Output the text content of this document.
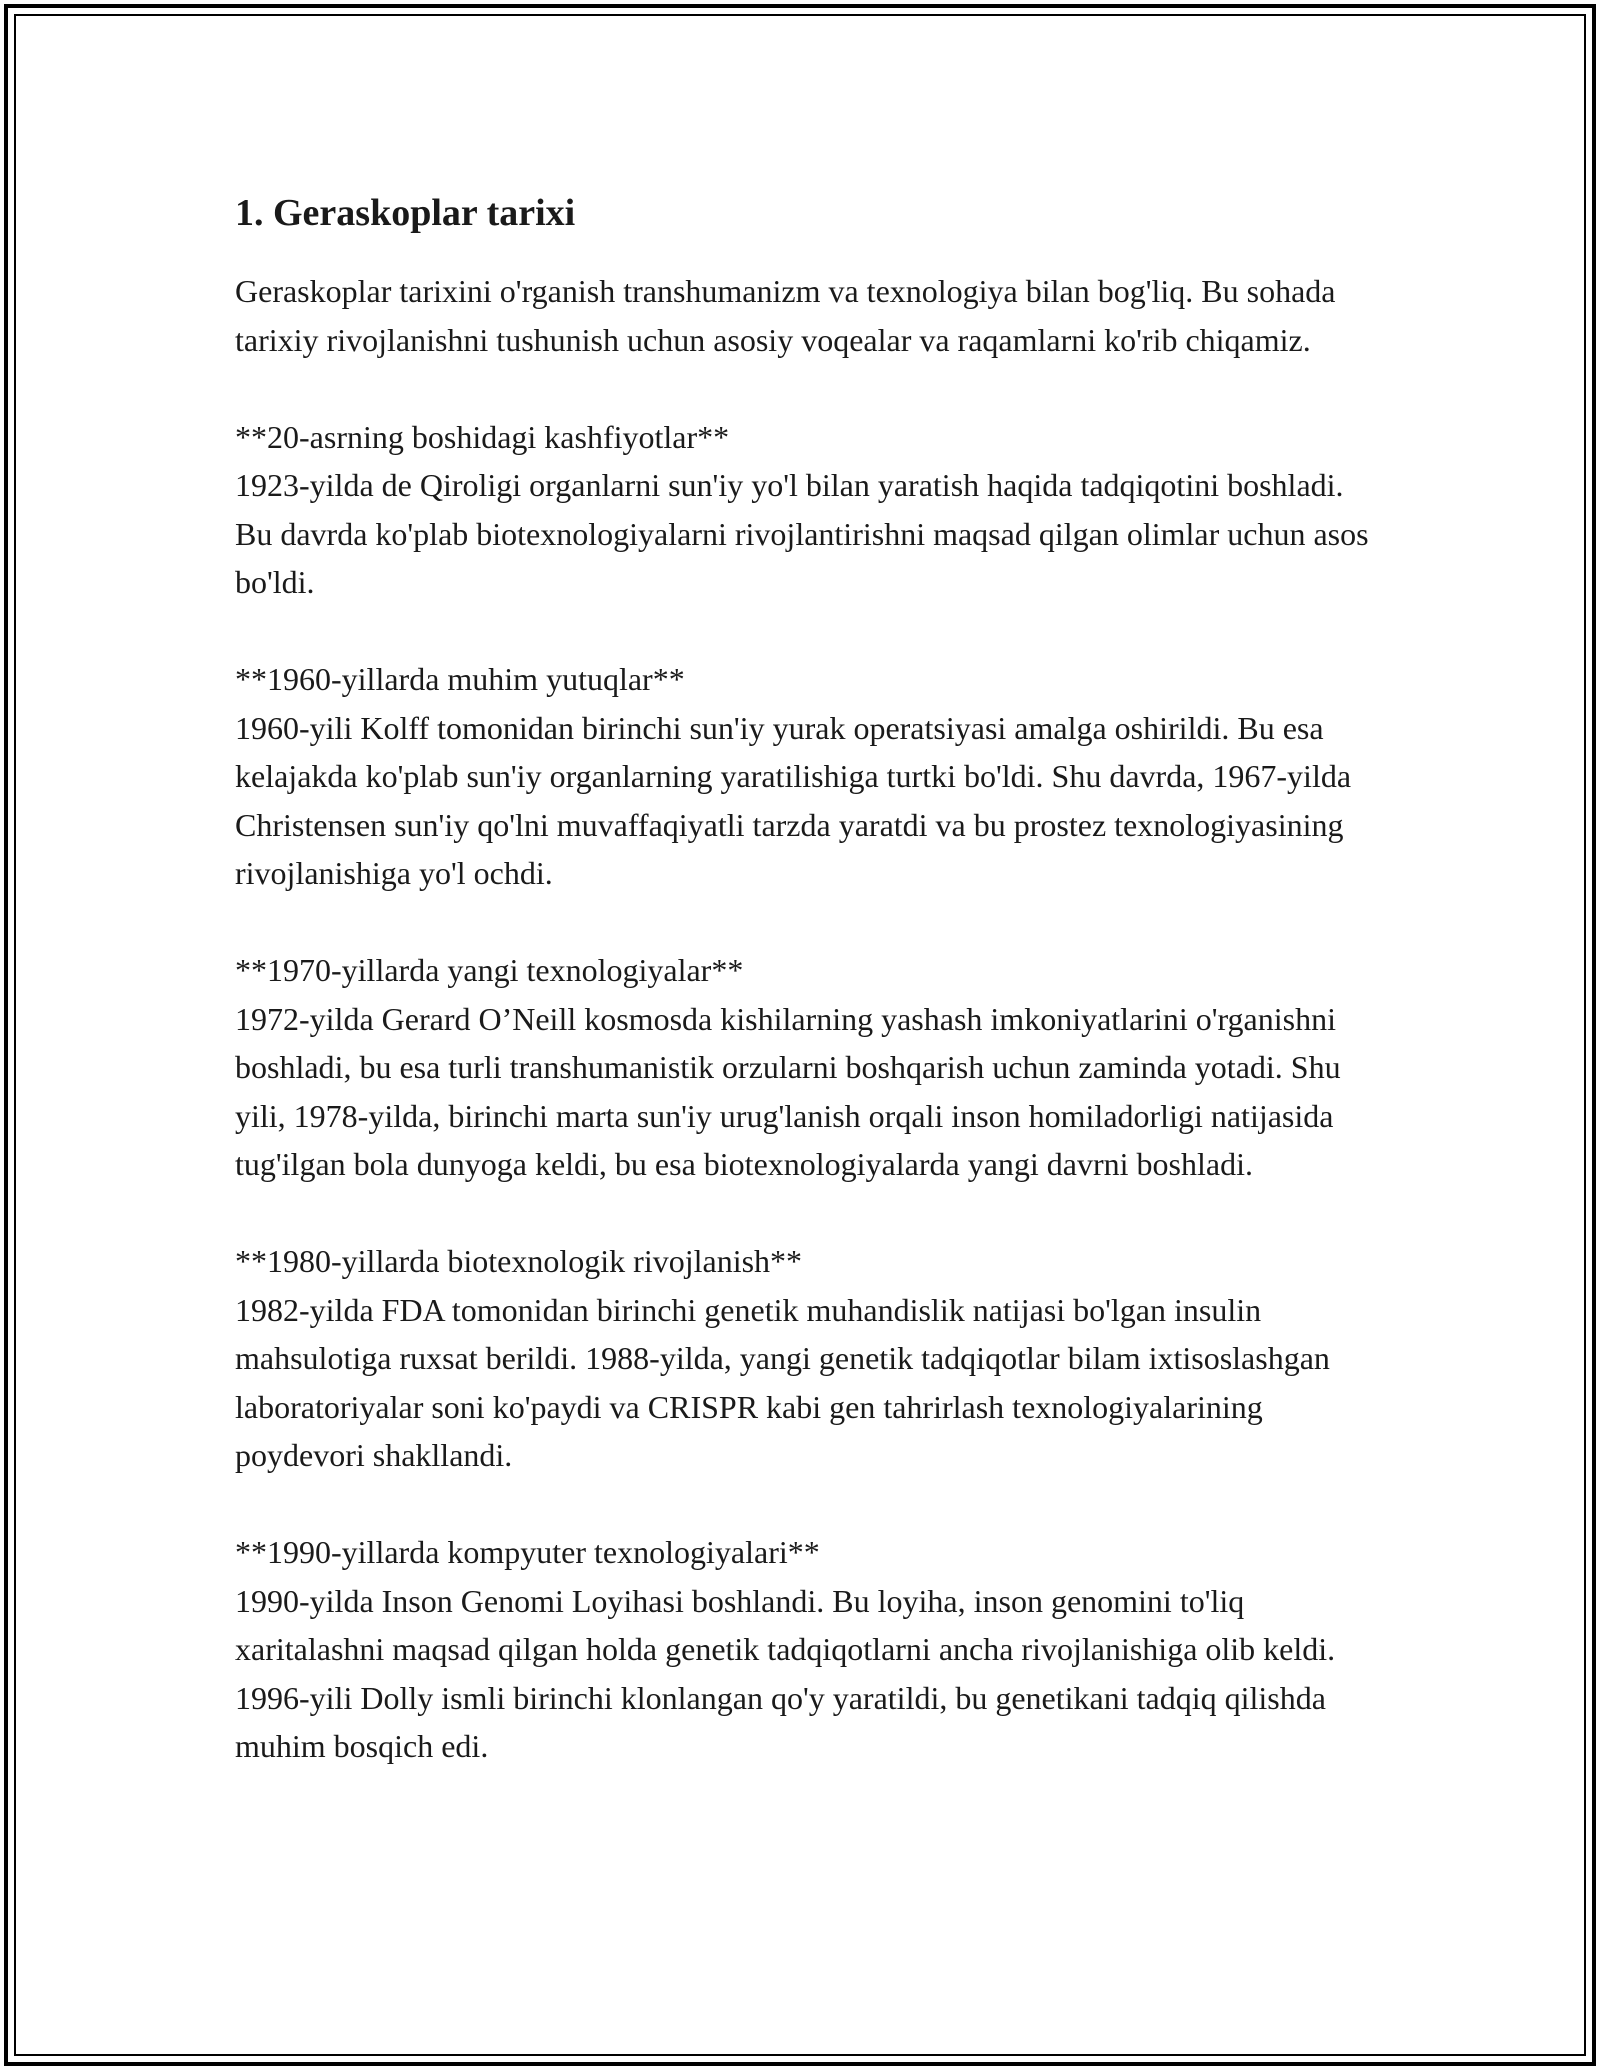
1. Geraskoplar tarixi

Geraskoplar tarixini o'rganish transhumanizm va texnologiya bilan bog'liq. Bu sohada tarixiy rivojlanishni tushunish uchun asosiy voqealar va raqamlarni ko'rib chiqamiz.

**20-asrning boshidagi kashfiyotlar**
1923-yilda de Qiroligi organlarni sun'iy yo'l bilan yaratish haqida tadqiqotini boshladi. Bu davrda ko'plab biotexnologiyalarni rivojlantirishni maqsad qilgan olimlar uchun asos bo'ldi.
**1960-yillarda muhim yutuqlar**
1960-yili Kolff tomonidan birinchi sun'iy yurak operatsiyasi amalga oshirildi. Bu esa kelajakda ko'plab sun'iy organlarning yaratilishiga turtki bo'ldi. Shu davrda, 1967-yilda Christensen sun'iy qo'lni muvaffaqiyatli tarzda yaratdi va bu prostez texnologiyasining rivojlanishiga yo'l ochdi.
**1970-yillarda yangi texnologiyalar**
1972-yilda Gerard O’Neill kosmosda kishilarning yashash imkoniyatlarini o'rganishni boshladi, bu esa turli transhumanistik orzularni boshqarish uchun zaminda yotadi. Shu yili, 1978-yilda, birinchi marta sun'iy urug'lanish orqali inson homiladorligi natijasida tug'ilgan bola dunyoga keldi, bu esa biotexnologiyalarda yangi davrni boshladi.
**1980-yillarda biotexnologik rivojlanish**
1982-yilda FDA tomonidan birinchi genetik muhandislik natijasi bo'lgan insulin mahsulotiga ruxsat berildi. 1988-yilda, yangi genetik tadqiqotlar bilam ixtisoslashgan laboratoriyalar soni ko'paydi va CRISPR kabi gen tahrirlash texnologiyalarining poydevori shakllandi.
**1990-yillarda kompyuter texnologiyalari**
1990-yilda Inson Genomi Loyihasi boshlandi. Bu loyiha, inson genomini to'liq xaritalashni maqsad qilgan holda genetik tadqiqotlarni ancha rivojlanishiga olib keldi. 1996-yili Dolly ismli birinchi klonlangan qo'y yaratildi, bu genetikani tadqiq qilishda muhim bosqich edi.
